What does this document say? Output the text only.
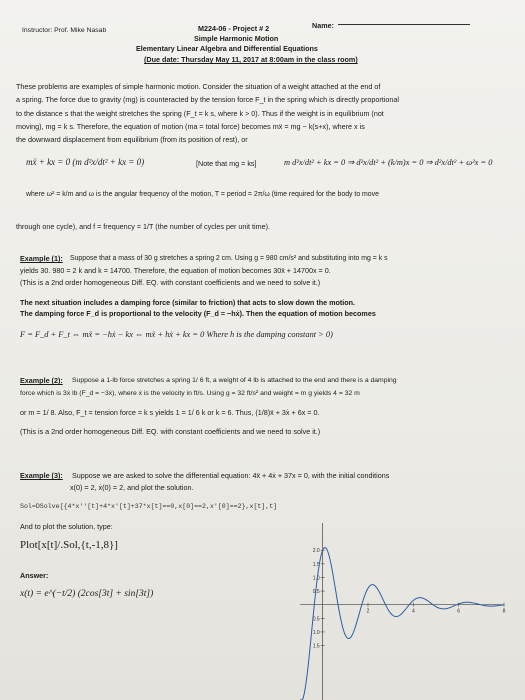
Instructor: Prof. Mike Nasab	M224-06 - Project # 2
Simple Harmonic Motion
Elementary Linear Algebra and Differential Equations
(Due date: Thursday May 11, 2017 at 8:00am in the class room)
Name:
These problems are examples of simple harmonic motion. Consider the situation of a weight attached at the end of
a spring. The force due to gravity (mg) is counteracted by the tension force F_t in the spring which is directly proportional
to the distance s that the weight stretches the spring (F_t = k s, where k > 0). Thus if the weight is in equilibrium (not
moving), mg = k s. Therefore, the equation of motion (ma = total force) becomes mẍ = mg − k(s+x), where x is
the downward displacement from equilibrium (from its position of rest), or
mẍ + kx = 0 (m d²x/dt² + kx = 0)	[Note that mg = ks]	m d²x/dt² + kx = 0 ⇒ d²x/dt² + (k/m)x = 0 ⇒ d²x/dt² + ω²x = 0
where ω² = k/m and ω is the angular frequency of the motion, T = period = 2π/ω (time required for the body to move
through one cycle), and f = frequency = 1/T (the number of cycles per unit time).
Example (1): Suppose that a mass of 30 g stretches a spring 2 cm. Using g = 980 cm/s² and substituting into mg = k s
yields 30. 980 = 2 k and k = 14700. Therefore, the equation of motion becomes 30ẍ + 14700x = 0.
(This is a 2nd order homogeneous Diff. EQ. with constant coefficients and we need to solve it.)
The next situation includes a damping force (similar to friction) that acts to slow down the motion.
The damping force F_d is proportional to the velocity (F_d = −hẋ). Then the equation of motion becomes
F = F_d + F_t ⇔ mẍ = −hẋ − kx ⇔ mẍ + hẋ + kx = 0 Where h is the damping constant > 0)
Example (2): Suppose a 1-lb force stretches a spring 1/ 6 ft, a weight of 4 lb is attached to the end and there is a damping
force which is 3ẋ lb (F_d = −3ẋ), where ẋ is the velocity in ft/s. Using g = 32 ft/s² and weight = m g yields 4 = 32 m
or m = 1/ 8. Also, F_t = tension force = k s yields 1 = 1/ 6 k or k = 6. Thus, (1/8)ẍ + 3ẋ + 6x = 0.
(This is a 2nd order homogeneous Diff. EQ. with constant coefficients and we need to solve it.)
Example (3): Suppose we are asked to solve the differential equation: 4ẍ + 4ẋ + 37x = 0, with the initial conditions
x(0) = 2, ẋ(0) = 2, and plot the solution.
Sol=DSolve[{4*x''[t]+4*x'[t]+37*x[t]==0,x[0]==2,x'[0]==2},x[t],t]
And to plot the solution, type:
Plot[x[t]/.Sol,{t,-1,8}]
Answer:
x(t) = e^(−t/2) (2cos[3t] + sin[3t])
2	4	6	8
2.0
1.5
1.0
0.5
0.5
1.0
1.5
